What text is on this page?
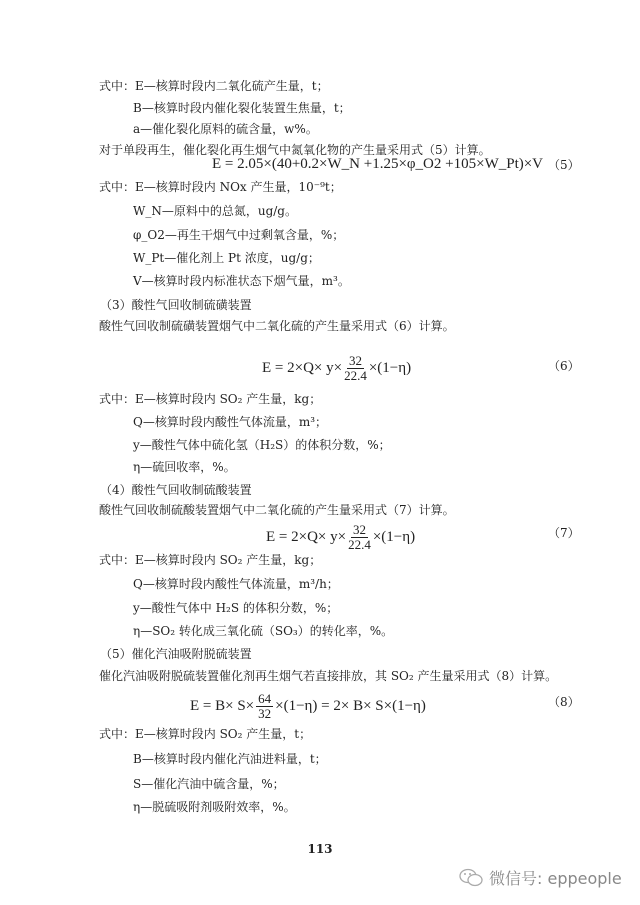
式中：E—核算时段内二氧化硫产生量，t；
B—核算时段内催化裂化装置生焦量，t；
a—催化裂化原料的硫含量，w%。
对于单段再生，催化裂化再生烟气中氮氧化物的产生量采用式（5）计算。
E = 2.05×(40+0.2×W_N +1.25×φ_O2 +105×W_Pt)×V （5）
式中：E—核算时段内 NOx 产生量，10⁻⁹t；
W_N—原料中的总氮，ug/g。
φ_O2—再生干烟气中过剩氧含量，%；
W_Pt—催化剂上 Pt 浓度，ug/g；
V—核算时段内标准状态下烟气量，m³。
（3）酸性气回收制硫磺装置
酸性气回收制硫磺装置烟气中二氧化硫的产生量采用式（6）计算。
$E = 2\times Q\times y\times \frac{32}{22.4} \times(1-\eta)$	（6）
式中：E—核算时段内 SO₂ 产生量，kg；
Q—核算时段内酸性气体流量，m³；
y—酸性气体中硫化氢（H₂S）的体积分数，%；
η—硫回收率，%。
（4）酸性气回收制硫酸装置
酸性气回收制硫酸装置烟气中二氧化硫的产生量采用式（7）计算。
$E = 2\times Q\times y\times \frac{32}{22.4} \times(1-\eta)$	（7）
式中：E—核算时段内 SO₂ 产生量，kg；
Q—核算时段内酸性气体流量，m³/h；
y—酸性气体中 H₂S 的体积分数，%；
η—SO₂ 转化成三氧化硫（SO₃）的转化率，%。
（5）催化汽油吸附脱硫装置
催化汽油吸附脱硫装置催化剂再生烟气若直接排放，其 SO₂ 产生量采用式（8）计算。
$E = B\times S\times \frac{64}{32} \times(1-\eta) = 2\times B\times S\times(1-\eta)$	（8）
式中：E—核算时段内 SO₂ 产生量，t；
B—核算时段内催化汽油进料量，t；
S—催化汽油中硫含量，%；
η—脱硫吸附剂吸附效率，%。
113
微信号: eppeople
